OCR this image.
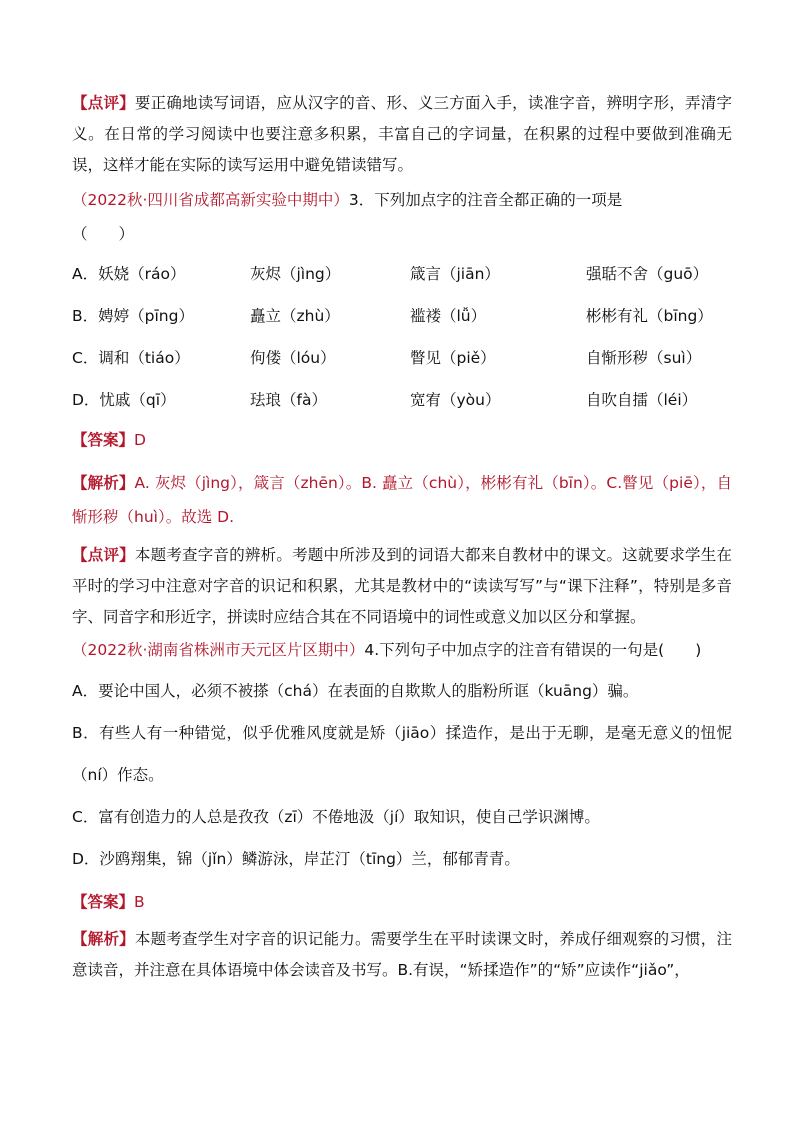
【点评】要正确地读写词语，应从汉字的音、形、义三方面入手，读准字音，辨明字形，弄清字义。在日常的学习阅读中也要注意多积累，丰富自己的字词量，在积累的过程中要做到准确无误，这样才能在实际的读写运用中避免错读错写。

（2022秋·四川省成都高新实验中期中）3．下列加点字的注音全都正确的一项是

（　　）

A．妖娆（ráo）	灰烬（jìng）	箴言（jiān）	强聒不舍（guō）
B．娉婷（pīng）	矗立（zhù）	褴褛（lǚ）	彬彬有礼（bīng）
C．调和（tiáo）	佝偻（lóu）	瞥见（piě）	自惭形秽（suì）
D．忧戚（qī）	珐琅（fà）	宽宥（yòu）	自吹自擂（léi）

【答案】D

【解析】A. 灰烬（jìng），箴言（zhēn）。B. 矗立（chù），彬彬有礼（bīn）。C.瞥见（piē），自惭形秽（huì）。故选 D.

【点评】本题考查字音的辨析。考题中所涉及到的词语大都来自教材中的课文。这就要求学生在平时的学习中注意对字音的识记和积累，尤其是教材中的“读读写写”与“课下注释”，特别是多音字、同音字和形近字，拼读时应结合其在不同语境中的词性或意义加以区分和掌握。

（2022秋·湖南省株洲市天元区片区期中）4.下列句子中加点字的注音有错误的一句是(　　)

A．要论中国人，必须不被搽（chá）在表面的自欺欺人的脂粉所诓（kuāng）骗。

B．有些人有一种错觉，似乎优雅风度就是矫（jiāo）揉造作，是出于无聊，是毫无意义的忸怩（ní）作态。

C．富有创造力的人总是孜孜（zī）不倦地汲（jí）取知识，使自己学识渊博。

D．沙鸥翔集，锦（jǐn）鳞游泳，岸芷汀（tīng）兰，郁郁青青。

【答案】B

【解析】本题考查学生对字音的识记能力。需要学生在平时读课文时，养成仔细观察的习惯，注意读音，并注意在具体语境中体会读音及书写。B.有误，“矫揉造作”的“矫”应读作“jiǎo”，
